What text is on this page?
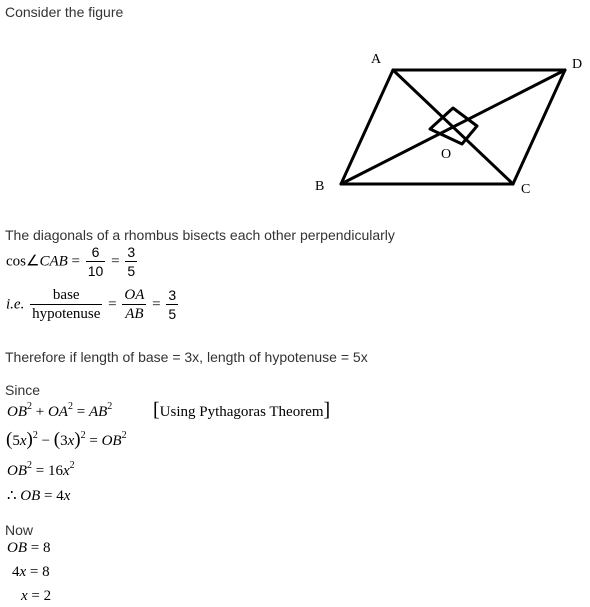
Consider the figure
A	D
O
B	C
The diagonals of a rhombus bisects each other perpendicularly
cos∠CAB = $\frac{6}{10} = \frac{3}{5}$
i.e. $\frac{\text{base}}{\text{hypotenuse}} = \frac{OA}{AB} = \frac{3}{5}$
Therefore if length of base = 3x, length of hypotenuse = 5x
Since
$OB^2 + OA^2 = AB^2$ [Using Pythagoras Theorem]
$(5x)^2 - (3x)^2 = OB^2$
$OB^2 = 16x^2$
∴ OB = 4x
Now
OB = 8
4x = 8
x = 2
